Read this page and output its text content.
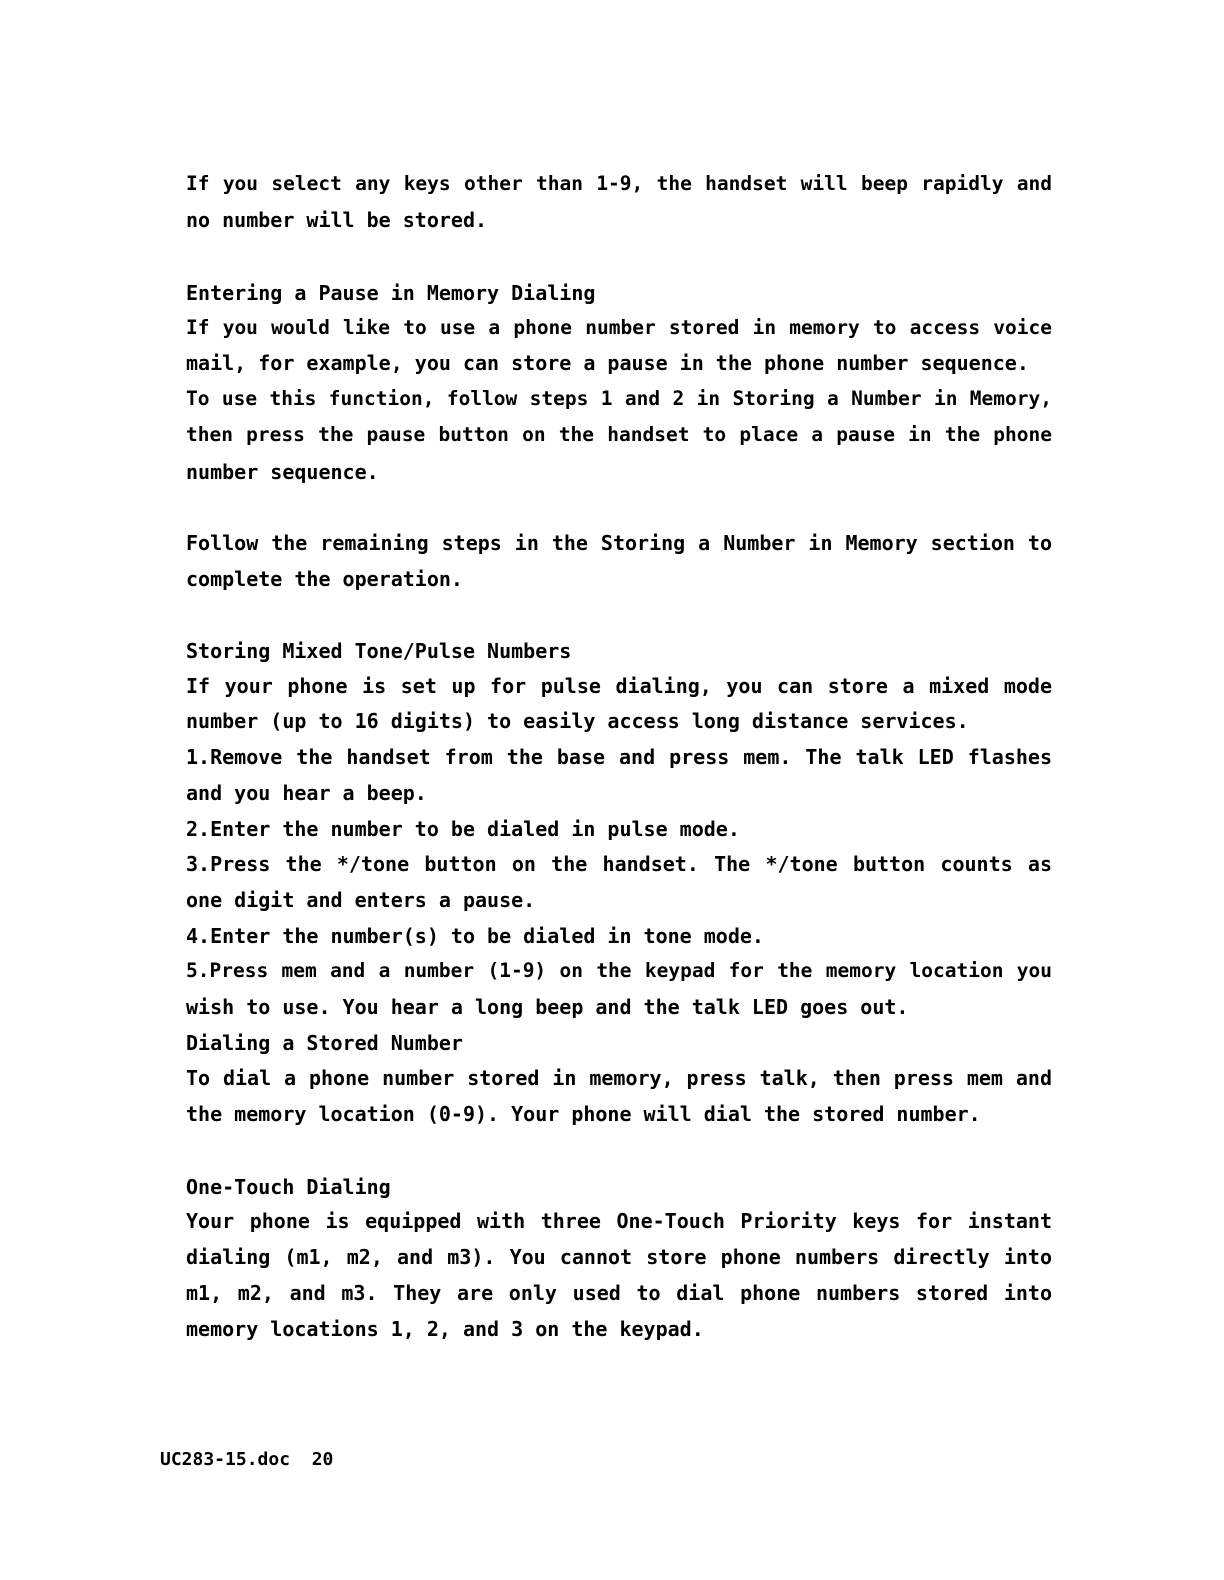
If you select any keys other than 1-9, the handset will beep rapidly and
no number will be stored.
Entering a Pause in Memory Dialing
If you would like to use a phone number stored in memory to access voice
mail, for example, you can store a pause in the phone number sequence.
To use this function, follow steps 1 and 2 in Storing a Number in Memory,
then press the pause button on the handset to place a pause in the phone
number sequence.
Follow the remaining steps in the Storing a Number in Memory section to
complete the operation.
Storing Mixed Tone/Pulse Numbers
If your phone is set up for pulse dialing, you can store a mixed mode
number (up to 16 digits) to easily access long distance services.
1.Remove the handset from the base and press mem. The talk LED flashes
and you hear a beep.
2.Enter the number to be dialed in pulse mode.
3.Press the */tone button on the handset. The */tone button counts as
one digit and enters a pause.
4.Enter the number(s) to be dialed in tone mode.
5.Press mem and a number (1-9) on the keypad for the memory location you
wish to use. You hear a long beep and the talk LED goes out.
Dialing a Stored Number
To dial a phone number stored in memory, press talk, then press mem and
the memory location (0-9). Your phone will dial the stored number.
One-Touch Dialing
Your phone is equipped with three One-Touch Priority keys for instant
dialing (m1, m2, and m3). You cannot store phone numbers directly into
m1, m2, and m3. They are only used to dial phone numbers stored into
memory locations 1, 2, and 3 on the keypad.
UC283-15.doc  20
